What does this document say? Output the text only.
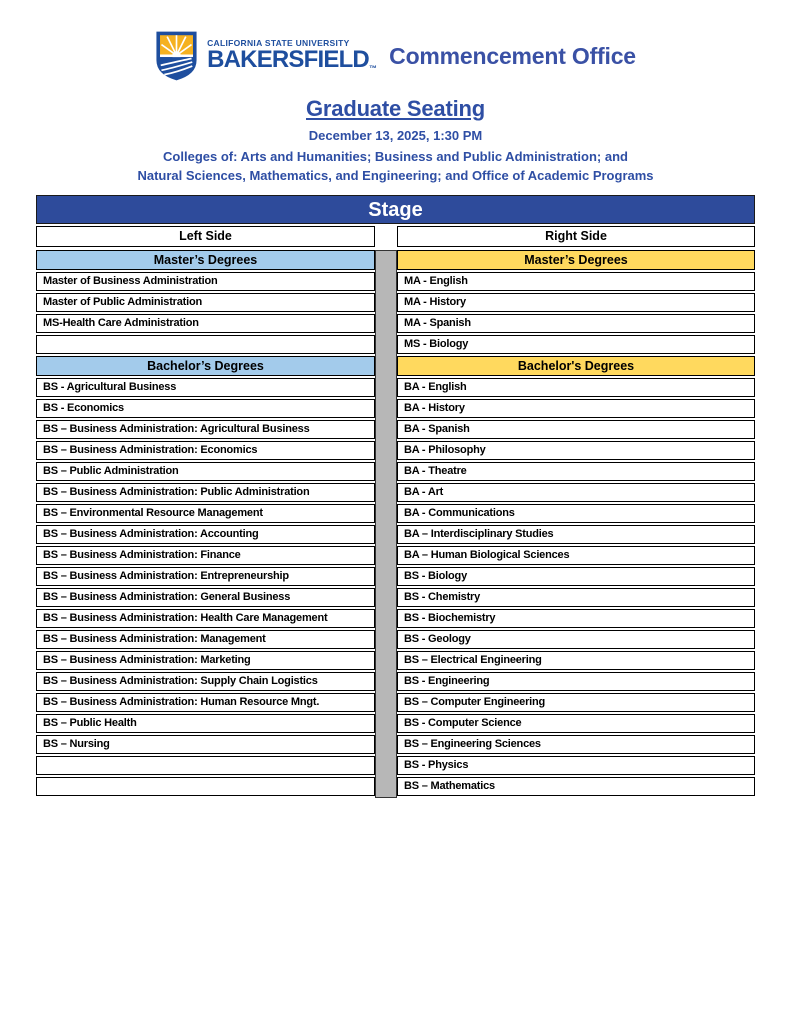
CALIFORNIA STATE UNIVERSITY
BAKERSFIELD™
Commencement Office
Graduate Seating
December 13, 2025, 1:30 PM
Colleges of: Arts and Humanities; Business and Public Administration; and
Natural Sciences, Mathematics, and Engineering; and Office of Academic Programs
Stage
Left Side
Master’s Degrees
Master of Business Administration
Master of Public Administration
MS-Health Care Administration
Bachelor’s Degrees
BS - Agricultural Business
BS - Economics
BS – Business Administration: Agricultural Business
BS – Business Administration: Economics
BS – Public Administration
BS – Business Administration: Public Administration
BS – Environmental Resource Management
BS – Business Administration: Accounting
BS – Business Administration: Finance
BS – Business Administration: Entrepreneurship
BS – Business Administration: General Business
BS – Business Administration: Health Care Management
BS – Business Administration: Management
BS – Business Administration: Marketing
BS – Business Administration: Supply Chain Logistics
BS – Business Administration: Human Resource Mngt.
BS – Public Health
BS – Nursing
Right Side
Master’s Degrees
MA - English
MA - History
MA - Spanish
MS - Biology
Bachelor's Degrees
BA - English
BA - History
BA - Spanish
BA - Philosophy
BA - Theatre
BA - Art
BA - Communications
BA – Interdisciplinary Studies
BA – Human Biological Sciences
BS - Biology
BS - Chemistry
BS - Biochemistry
BS - Geology
BS – Electrical Engineering
BS - Engineering
BS – Computer Engineering
BS - Computer Science
BS – Engineering Sciences
BS - Physics
BS – Mathematics
